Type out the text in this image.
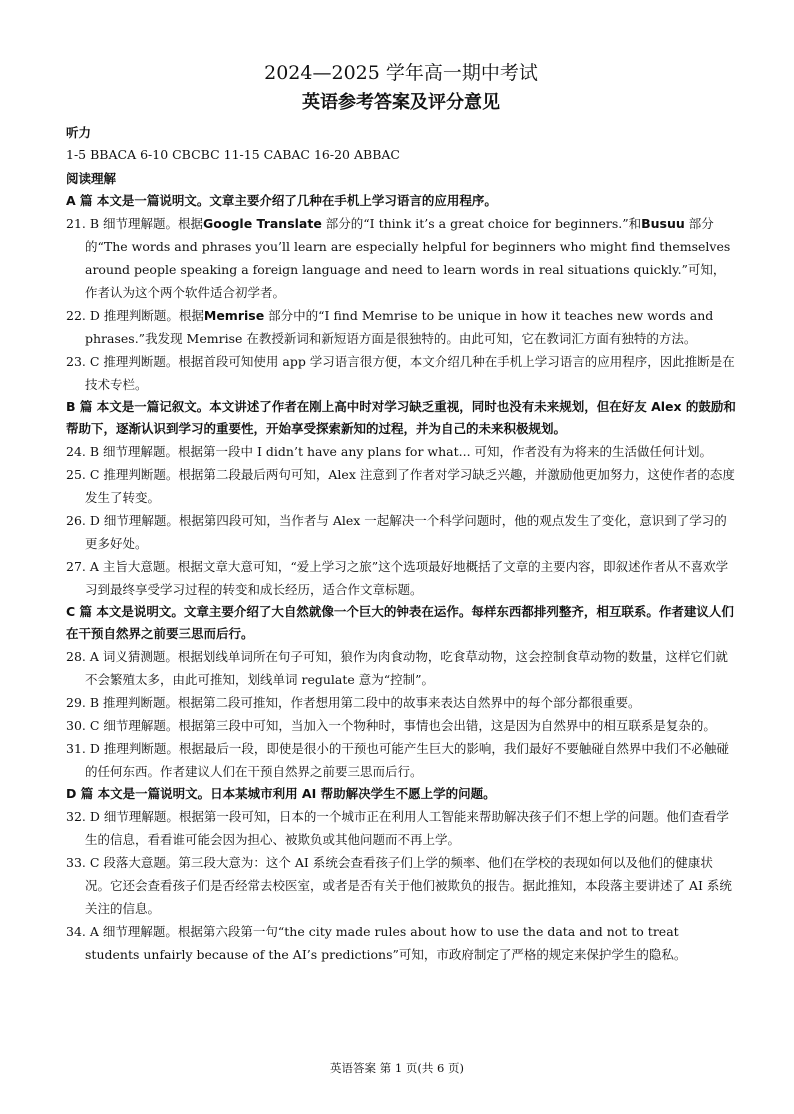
2024—2025 学年高一期中考试
英语参考答案及评分意见

听力

1-5 BBACA 6-10 CBCBC 11-15 CABAC 16-20 ABBAC

阅读理解

A 篇 本文是一篇说明文。文章主要介绍了几种在手机上学习语言的应用程序。

21. B 细节理解题。根据Google Translate 部分的“I think it’s a great choice for beginners.”和Busuu 部分的“The words and phrases you’ll learn are especially helpful for beginners who might find themselves around people speaking a foreign language and need to learn words in real situations quickly.”可知，作者认为这个两个软件适合初学者。

22. D 推理判断题。根据Memrise 部分中的“I find Memrise to be unique in how it teaches new words and phrases.”我发现 Memrise 在教授新词和新短语方面是很独特的。由此可知，它在教词汇方面有独特的方法。

23. C 推理判断题。根据首段可知使用 app 学习语言很方便，本文介绍几种在手机上学习语言的应用程序，因此推断是在技术专栏。

B 篇 本文是一篇记叙文。本文讲述了作者在刚上高中时对学习缺乏重视，同时也没有未来规划，但在好友 Alex 的鼓励和帮助下，逐渐认识到学习的重要性，开始享受探索新知的过程，并为自己的未来积极规划。

24. B 细节理解题。根据第一段中 I didn’t have any plans for what... 可知，作者没有为将来的生活做任何计划。

25. C 推理判断题。根据第二段最后两句可知，Alex 注意到了作者对学习缺乏兴趣，并激励他更加努力，这使作者的态度发生了转变。

26. D 细节理解题。根据第四段可知，当作者与 Alex 一起解决一个科学问题时，他的观点发生了变化，意识到了学习的更多好处。

27. A 主旨大意题。根据文章大意可知，“爱上学习之旅”这个选项最好地概括了文章的主要内容，即叙述作者从不喜欢学习到最终享受学习过程的转变和成长经历，适合作文章标题。

C 篇 本文是说明文。文章主要介绍了大自然就像一个巨大的钟表在运作。每样东西都排列整齐，相互联系。作者建议人们在干预自然界之前要三思而后行。

28. A 词义猜测题。根据划线单词所在句子可知，狼作为肉食动物，吃食草动物，这会控制食草动物的数量，这样它们就不会繁殖太多，由此可推知，划线单词 regulate 意为“控制”。

29. B 推理判断题。根据第二段可推知，作者想用第二段中的故事来表达自然界中的每个部分都很重要。

30. C 细节理解题。根据第三段中可知，当加入一个物种时，事情也会出错，这是因为自然界中的相互联系是复杂的。

31. D 推理判断题。根据最后一段，即使是很小的干预也可能产生巨大的影响，我们最好不要触碰自然界中我们不必触碰的任何东西。作者建议人们在干预自然界之前要三思而后行。

D 篇 本文是一篇说明文。日本某城市利用 AI 帮助解决学生不愿上学的问题。

32. D 细节理解题。根据第一段可知，日本的一个城市正在利用人工智能来帮助解决孩子们不想上学的问题。他们查看学生的信息，看看谁可能会因为担心、被欺负或其他问题而不再上学。

33. C 段落大意题。第三段大意为：这个 AI 系统会查看孩子们上学的频率、他们在学校的表现如何以及他们的健康状况。它还会查看孩子们是否经常去校医室，或者是否有关于他们被欺负的报告。据此推知，本段落主要讲述了 AI 系统关注的信息。

34. A 细节理解题。根据第六段第一句“the city made rules about how to use the data and not to treat students unfairly because of the AI’s predictions”可知，市政府制定了严格的规定来保护学生的隐私。

英语答案 第 1 页(共 6 页)
